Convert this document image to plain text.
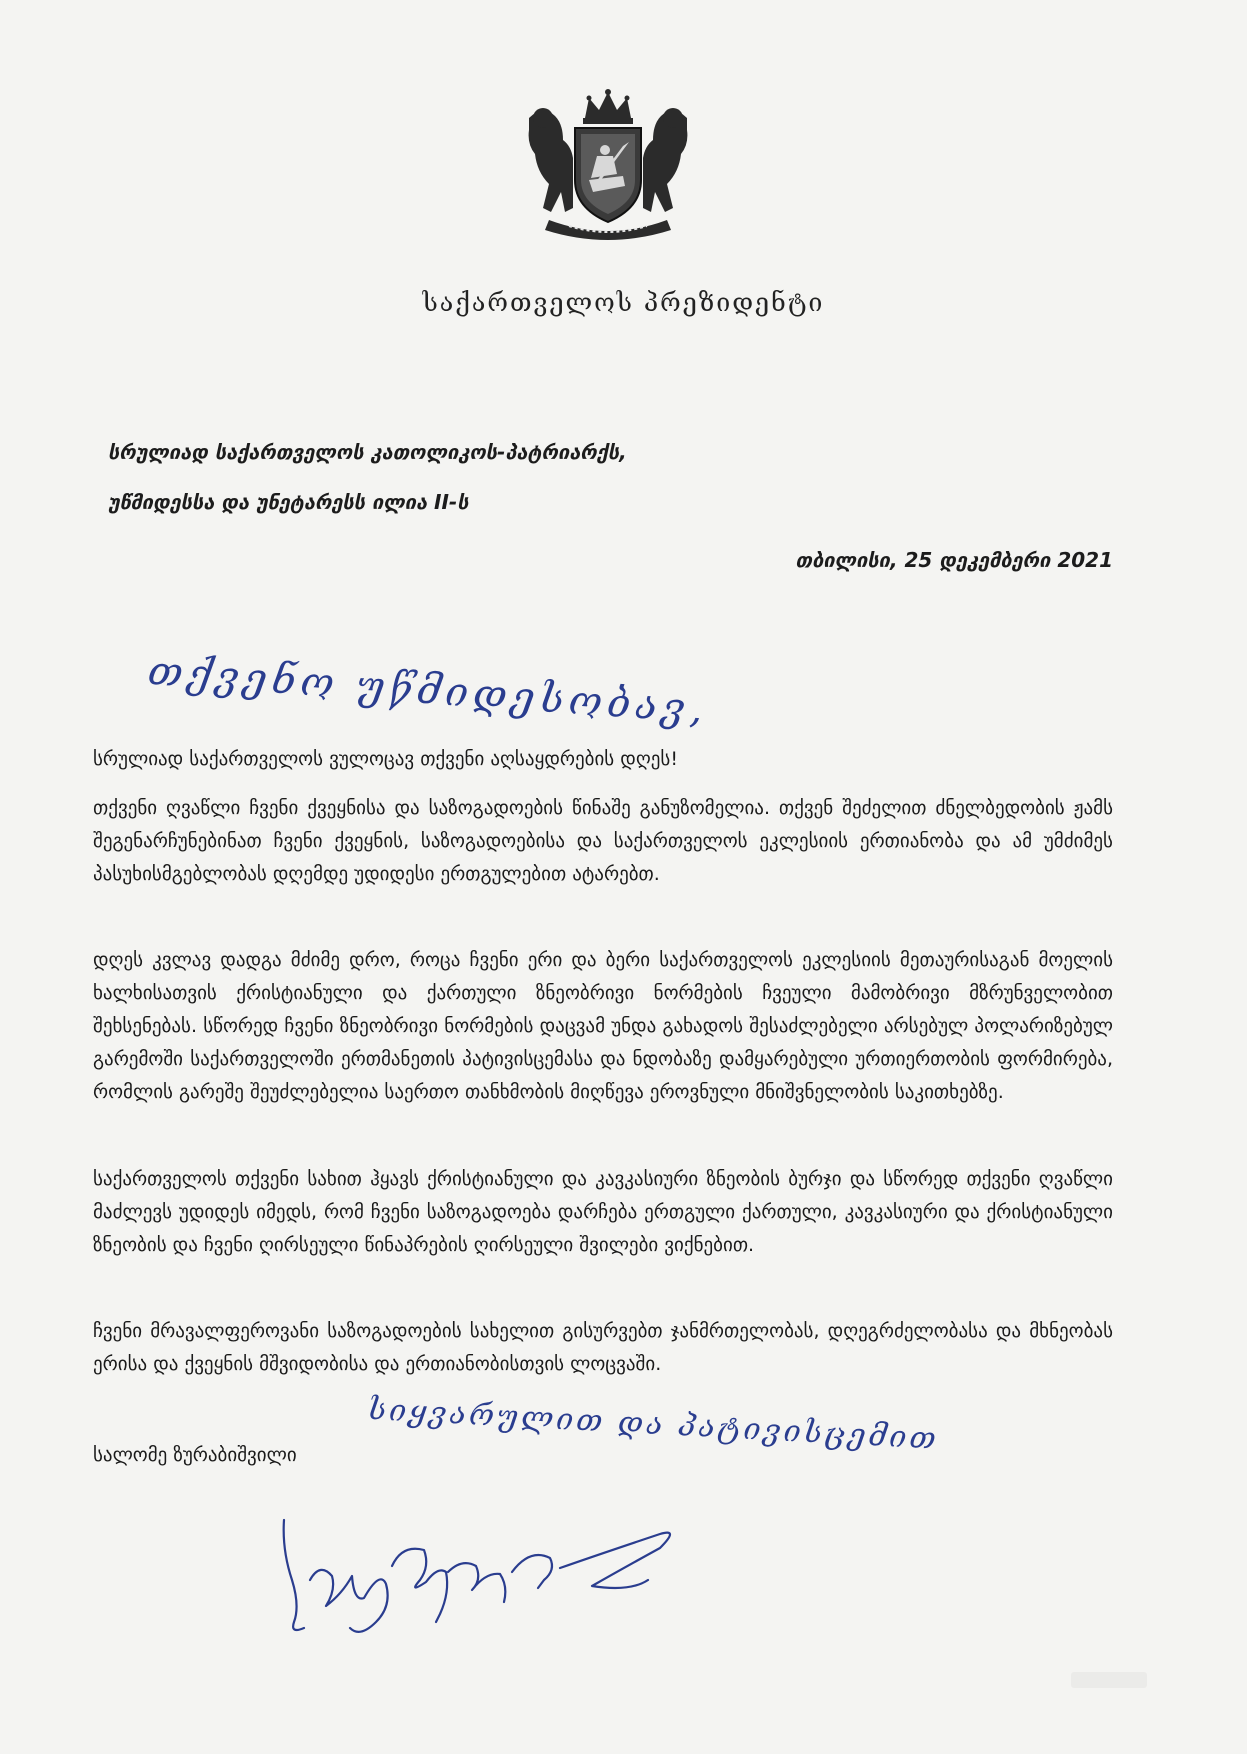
საქართველოს პრეზიდენტი
სრულიად საქართველოს კათოლიკოს-პატრიარქს,
უწმიდესსა და უნეტარესს ილია II-ს
თბილისი, 25 დეკემბერი 2021
თქვენო უწმიდესობავ,
სრულიად საქართველოს ვულოცავ თქვენი აღსაყდრების დღეს!
თქვენი ღვაწლი ჩვენი ქვეყნისა და საზოგადოების წინაშე განუზომელია. თქვენ შეძელით ძნელბედობის ჟამს შეგენარჩუნებინათ ჩვენი ქვეყნის, საზოგადოებისა და საქართველოს ეკლესიის ერთიანობა და ამ უმძიმეს პასუხისმგებლობას დღემდე უდიდესი ერთგულებით ატარებთ.
დღეს კვლავ დადგა მძიმე დრო, როცა ჩვენი ერი და ბერი საქართველოს ეკლესიის მეთაურისაგან მოელის ხალხისათვის ქრისტიანული და ქართული ზნეობრივი ნორმების ჩვეული მამობრივი მზრუნველობით შეხსენებას. სწორედ ჩვენი ზნეობრივი ნორმების დაცვამ უნდა გახადოს შესაძლებელი არსებულ პოლარიზებულ გარემოში საქართველოში ერთმანეთის პატივისცემასა და ნდობაზე დამყარებული ურთიერთობის ფორმირება, რომლის გარეშე შეუძლებელია საერთო თანხმობის მიღწევა ეროვნული მნიშვნელობის საკითხებზე.
საქართველოს თქვენი სახით ჰყავს ქრისტიანული და კავკასიური ზნეობის ბურჯი და სწორედ თქვენი ღვაწლი მაძლევს უდიდეს იმედს, რომ ჩვენი საზოგადოება დარჩება ერთგული ქართული, კავკასიური და ქრისტიანული ზნეობის და ჩვენი ღირსეული წინაპრების ღირსეული შვილები ვიქნებით.
ჩვენი მრავალფეროვანი საზოგადოების სახელით გისურვებთ ჯანმრთელობას, დღეგრძელობასა და მხნეობას ერისა და ქვეყნის მშვიდობისა და ერთიანობისთვის ლოცვაში.
სიყვარულით და პატივისცემით
სალომე ზურაბიშვილი
